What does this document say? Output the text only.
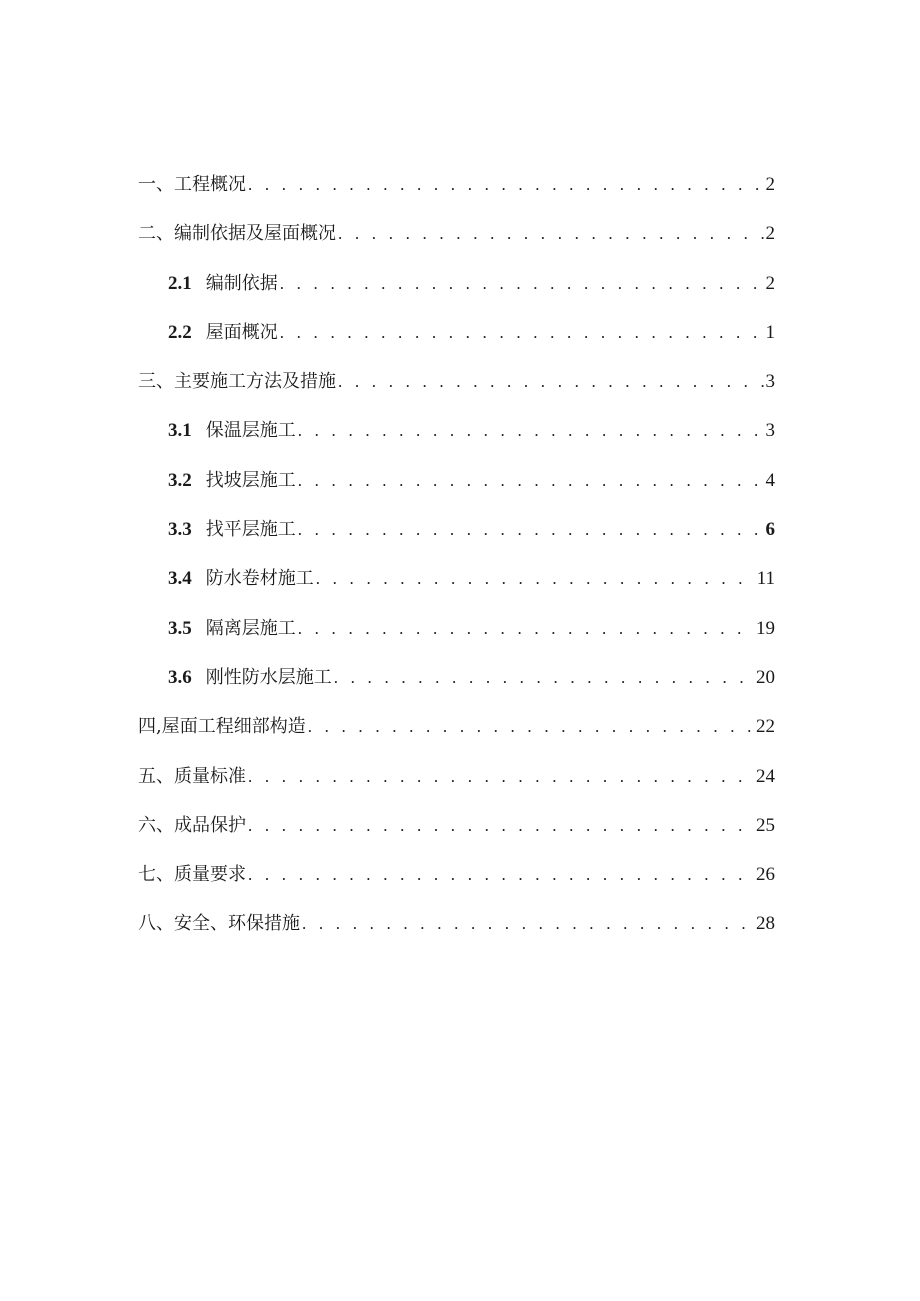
一、工程概况 . . .	2
二、编制依据及屋面概况 . . .	2
2.1 编制依据 . . .	2
2.2 屋面概况 . . .	1
三、主要施工方法及措施 . . .	3
3.1 保温层施工 . . .	3
3.2 找坡层施工 . . .	4
3.3 找平层施工 . . .	6
3.4 防水卷材施工 . . .	11
3.5 隔离层施工 . . .	19
3.6 刚性防水层施工 . . .	20
四,屋面工程细部构造 . . .	22
五、质量标准 . . .	24
六、成品保护 . . .	25
七、质量要求 . . .	26
八、安全、环保措施 . . .	28
